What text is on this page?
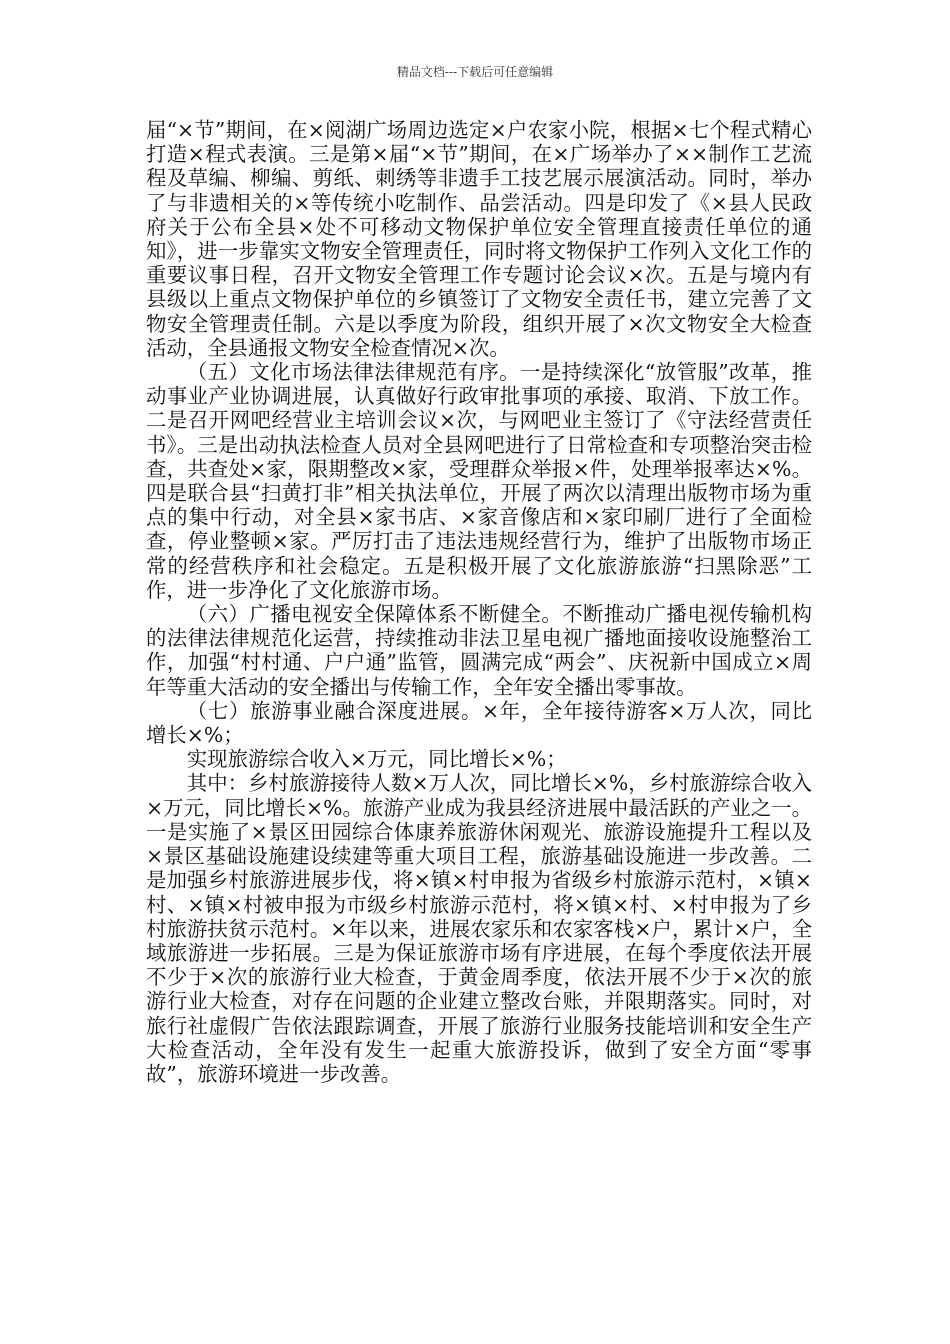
精品文档---下载后可任意编辑

届“×节”期间，在×阅湖广场周边选定×户农家小院，根据×七个程式精心打造×程式表演。三是第×届“×节”期间，在×广场举办了××制作工艺流程及草编、柳编、剪纸、刺绣等非遗手工技艺展示展演活动。同时，举办了与非遗相关的×等传统小吃制作、品尝活动。四是印发了《×县人民政府关于公布全县×处不可移动文物保护单位安全管理直接责任单位的通知》，进一步靠实文物安全管理责任，同时将文物保护工作列入文化工作的重要议事日程，召开文物安全管理工作专题讨论会议×次。五是与境内有县级以上重点文物保护单位的乡镇签订了文物安全责任书，建立完善了文物安全管理责任制。六是以季度为阶段，组织开展了×次文物安全大检查活动，全县通报文物安全检查情况×次。

（五）文化市场法律法律规范有序。一是持续深化“放管服”改革，推动事业产业协调进展，认真做好行政审批事项的承接、取消、下放工作。二是召开网吧经营业主培训会议×次，与网吧业主签订了《守法经营责任书》。三是出动执法检查人员对全县网吧进行了日常检查和专项整治突击检查，共查处×家，限期整改×家，受理群众举报×件，处理举报率达×%。四是联合县“扫黄打非”相关执法单位，开展了两次以清理出版物市场为重点的集中行动，对全县×家书店、×家音像店和×家印刷厂进行了全面检查，停业整顿×家。严厉打击了违法违规经营行为，维护了出版物市场正常的经营秩序和社会稳定。五是积极开展了文化旅游旅游“扫黑除恶”工作，进一步净化了文化旅游市场。

（六）广播电视安全保障体系不断健全。不断推动广播电视传输机构的法律法律规范化运营，持续推动非法卫星电视广播地面接收设施整治工作，加强“村村通、户户通”监管，圆满完成“两会”、庆祝新中国成立×周年等重大活动的安全播出与传输工作，全年安全播出零事故。

（七）旅游事业融合深度进展。×年，全年接待游客×万人次，同比增长×%；

实现旅游综合收入×万元，同比增长×%；

其中：乡村旅游接待人数×万人次，同比增长×%，乡村旅游综合收入×万元，同比增长×%。旅游产业成为我县经济进展中最活跃的产业之一。一是实施了×景区田园综合体康养旅游休闲观光、旅游设施提升工程以及×景区基础设施建设续建等重大项目工程，旅游基础设施进一步改善。二是加强乡村旅游进展步伐，将×镇×村申报为省级乡村旅游示范村，×镇×村、×镇×村被申报为市级乡村旅游示范村，将×镇×村、×村申报为了乡村旅游扶贫示范村。×年以来，进展农家乐和农家客栈×户，累计×户，全域旅游进一步拓展。三是为保证旅游市场有序进展，在每个季度依法开展不少于×次的旅游行业大检查，于黄金周季度，依法开展不少于×次的旅游行业大检查，对存在问题的企业建立整改台账，并限期落实。同时，对旅行社虚假广告依法跟踪调查，开展了旅游行业服务技能培训和安全生产大检查活动，全年没有发生一起重大旅游投诉，做到了安全方面“零事故”，旅游环境进一步改善。
